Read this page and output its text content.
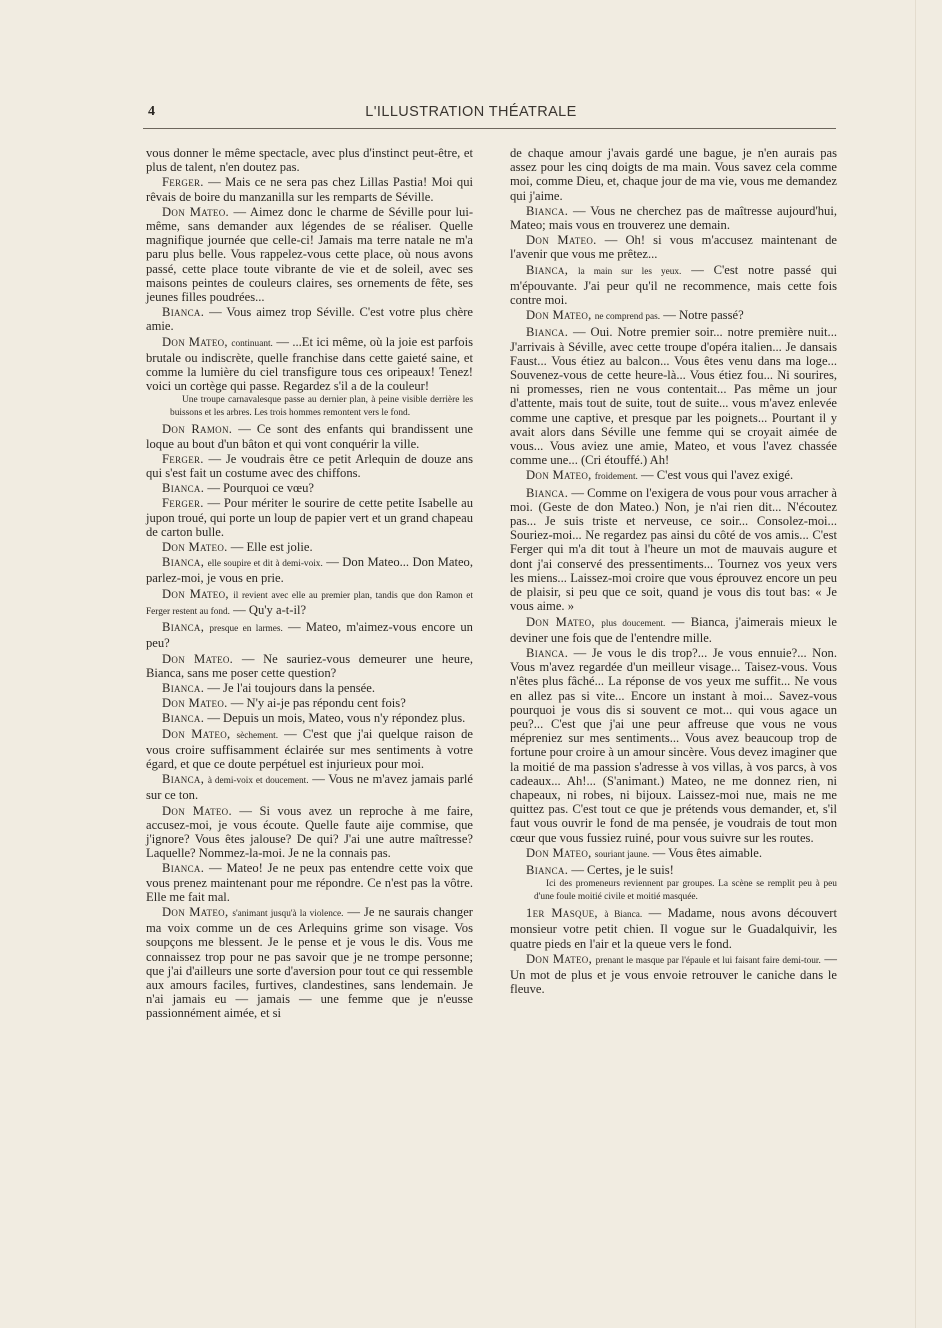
4	L'ILLUSTRATION THÉATRALE

vous donner le même spectacle, avec plus d'instinct peut-être, et plus de talent, n'en doutez pas.

Ferger. — Mais ce ne sera pas chez Lillas Pastia! Moi qui rêvais de boire du manzanilla sur les remparts de Séville.

Don Mateo. — Aimez donc le charme de Séville pour lui-même, sans demander aux légendes de se réaliser. Quelle magnifique journée que celle-ci! Jamais ma terre natale ne m'a paru plus belle. Vous rappelez-vous cette place, où nous avons passé, cette place toute vibrante de vie et de soleil, avec ses maisons peintes de couleurs claires, ses ornements de fête, ses jeunes filles poudrées...

Bianca. — Vous aimez trop Séville. C'est votre plus chère amie.

Don Mateo, continuant. — ...Et ici même, où la joie est parfois brutale ou indiscrète, quelle franchise dans cette gaieté saine, et comme la lumière du ciel transfigure tous ces oripeaux! Tenez! voici un cortège qui passe. Regardez s'il a de la couleur!

Une troupe carnavalesque passe au dernier plan, à peine visible derrière les buissons et les arbres. Les trois hommes remontent vers le fond.

Don Ramon. — Ce sont des enfants qui brandissent une loque au bout d'un bâton et qui vont conquérir la ville.

Ferger. — Je voudrais être ce petit Arlequin de douze ans qui s'est fait un costume avec des chiffons.

Bianca. — Pourquoi ce vœu?

Ferger. — Pour mériter le sourire de cette petite Isabelle au jupon troué, qui porte un loup de papier vert et un grand chapeau de carton bulle.

Don Mateo. — Elle est jolie.

Bianca, elle soupire et dit à demi-voix. — Don Mateo... Don Mateo, parlez-moi, je vous en prie.

Don Mateo, il revient avec elle au premier plan, tandis que don Ramon et Ferger restent au fond. — Qu'y a-t-il?

Bianca, presque en larmes. — Mateo, m'aimez-vous encore un peu?

Don Mateo. — Ne sauriez-vous demeurer une heure, Bianca, sans me poser cette question?

Bianca. — Je l'ai toujours dans la pensée.

Don Mateo. — N'y ai-je pas répondu cent fois?

Bianca. — Depuis un mois, Mateo, vous n'y répondez plus.

Don Mateo, sèchement. — C'est que j'ai quelque raison de vous croire suffisamment éclairée sur mes sentiments à votre égard, et que ce doute perpétuel est injurieux pour moi.

Bianca, à demi-voix et doucement. — Vous ne m'avez jamais parlé sur ce ton.

Don Mateo. — Si vous avez un reproche à me faire, accusez-moi, je vous écoute. Quelle faute aije commise, que j'ignore? Vous êtes jalouse? De qui? J'ai une autre maîtresse? Laquelle? Nommez-la-moi. Je ne la connais pas.

Bianca. — Mateo! Je ne peux pas entendre cette voix que vous prenez maintenant pour me répondre. Ce n'est pas la vôtre. Elle me fait mal.

Don Mateo, s'animant jusqu'à la violence. — Je ne saurais changer ma voix comme un de ces Arlequins grime son visage. Vos soupçons me blessent. Je le pense et je vous le dis. Vous me connaissez trop pour ne pas savoir que je ne trompe personne; que j'ai d'ailleurs une sorte d'aversion pour tout ce qui ressemble aux amours faciles, furtives, clandestines, sans lendemain. Je n'ai jamais eu — jamais — une femme que je n'eusse passionnément aimée, et si

de chaque amour j'avais gardé une bague, je n'en aurais pas assez pour les cinq doigts de ma main. Vous savez cela comme moi, comme Dieu, et, chaque jour de ma vie, vous me demandez qui j'aime.

Bianca. — Vous ne cherchez pas de maîtresse aujourd'hui, Mateo; mais vous en trouverez une demain.

Don Mateo. — Oh! si vous m'accusez maintenant de l'avenir que vous me prêtez...

Bianca, la main sur les yeux. — C'est notre passé qui m'épouvante. J'ai peur qu'il ne recommence, mais cette fois contre moi.

Don Mateo, ne comprend pas. — Notre passé?

Bianca. — Oui. Notre premier soir... notre première nuit... J'arrivais à Séville, avec cette troupe d'opéra italien... Je dansais Faust... Vous étiez au balcon... Vous êtes venu dans ma loge... Souvenez-vous de cette heure-là... Vous étiez fou... Ni sourires, ni promesses, rien ne vous contentait... Pas même un jour d'attente, mais tout de suite, tout de suite... vous m'avez enlevée comme une captive, et presque par les poignets... Pourtant il y avait alors dans Séville une femme qui se croyait aimée de vous... Vous aviez une amie, Mateo, et vous l'avez chassée comme une... (Cri étouffé.) Ah!

Don Mateo, froidement. — C'est vous qui l'avez exigé.

Bianca. — Comme on l'exigera de vous pour vous arracher à moi. (Geste de don Mateo.) Non, je n'ai rien dit... N'écoutez pas... Je suis triste et nerveuse, ce soir... Consolez-moi... Souriez-moi... Ne regardez pas ainsi du côté de vos amis... C'est Ferger qui m'a dit tout à l'heure un mot de mauvais augure et dont j'ai conservé des pressentiments... Tournez vos yeux vers les miens... Laissez-moi croire que vous éprouvez encore un peu de plaisir, si peu que ce soit, quand je vous dis tout bas: « Je vous aime. »

Don Mateo, plus doucement. — Bianca, j'aimerais mieux le deviner une fois que de l'entendre mille.

Bianca. — Je vous le dis trop?... Je vous ennuie?... Non. Vous m'avez regardée d'un meilleur visage... Taisez-vous. Vous n'êtes plus fâché... La réponse de vos yeux me suffit... Ne vous en allez pas si vite... Encore un instant à moi... Savez-vous pourquoi je vous dis si souvent ce mot... qui vous agace un peu?... C'est que j'ai une peur affreuse que vous ne vous mépreniez sur mes sentiments... Vous avez beaucoup trop de fortune pour croire à un amour sincère. Vous devez imaginer que la moitié de ma passion s'adresse à vos villas, à vos parcs, à vos cadeaux... Ah!... (S'animant.) Mateo, ne me donnez rien, ni chapeaux, ni robes, ni bijoux. Laissez-moi nue, mais ne me quittez pas. C'est tout ce que je prétends vous demander, et, s'il faut vous ouvrir le fond de ma pensée, je voudrais de tout mon cœur que vous fussiez ruiné, pour vous suivre sur les routes.

Don Mateo, souriant jaune. — Vous êtes aimable.

Bianca. — Certes, je le suis!

Ici des promeneurs reviennent par groupes. La scène se remplit peu à peu d'une foule moitié civile et moitié masquée.

1er Masque, à Bianca. — Madame, nous avons découvert monsieur votre petit chien. Il vogue sur le Guadalquivir, les quatre pieds en l'air et la queue vers le fond.

Don Mateo, prenant le masque par l'épaule et lui faisant faire demi-tour. — Un mot de plus et je vous envoie retrouver le caniche dans le fleuve.
